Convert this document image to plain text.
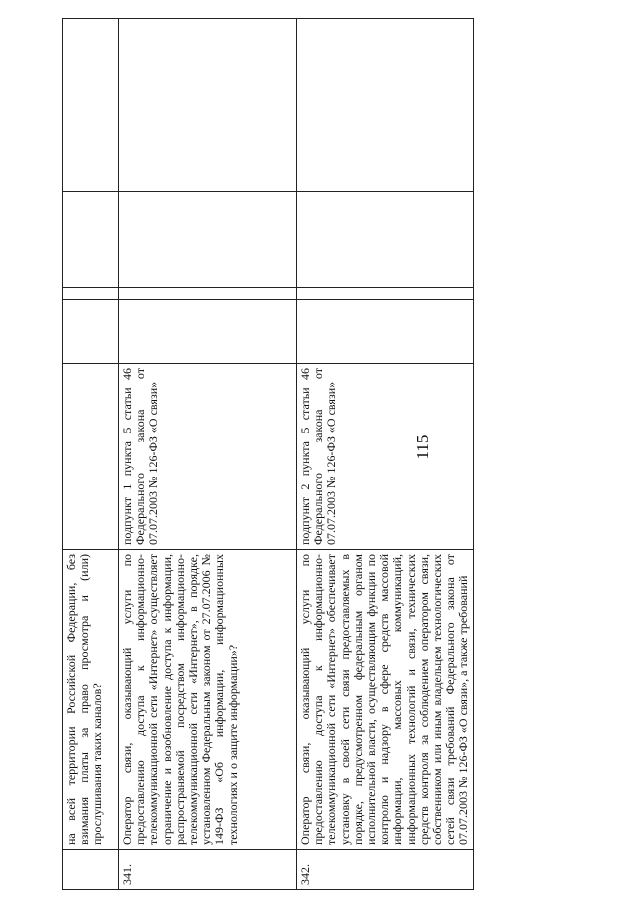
115
	на всей территории Российской Федерации, без взимания платы за право просмотра и (или) прослушивания таких каналов?					
341.	Оператор связи, оказывающий услуги по предоставлению доступа к информационно-телекоммуникационной сети «Интернет» осуществляет ограничение и возобновление доступа к информации, распространяемой посредством информационно-телекоммуникационной сети «Интернет», в порядке, установленном Федеральным законом от 27.07.2006 № 149-ФЗ «Об информации, информационных технологиях и о защите информации»?	подпункт 1 пункта 5 статьи 46 Федерального закона от 07.07.2003 № 126-ФЗ «О связи»				
342.	Оператор связи, оказывающий услуги по предоставлению доступа к информационно-телекоммуникационной сети «Интернет» обеспечивает установку в своей сети связи предоставляемых в порядке, предусмотренном федеральным органом исполнительной власти, осуществляющим функции по контролю и надзору в сфере средств массовой информации, массовых коммуникаций, информационных технологий и связи, технических средств контроля за соблюдением оператором связи, собственником или иным владельцем технологических сетей связи требований Федерального закона от 07.07.2003 № 126-ФЗ «О связи», а также требований	подпункт 2 пункта 5 статьи 46 Федерального закона от 07.07.2003 № 126-ФЗ «О связи»				
